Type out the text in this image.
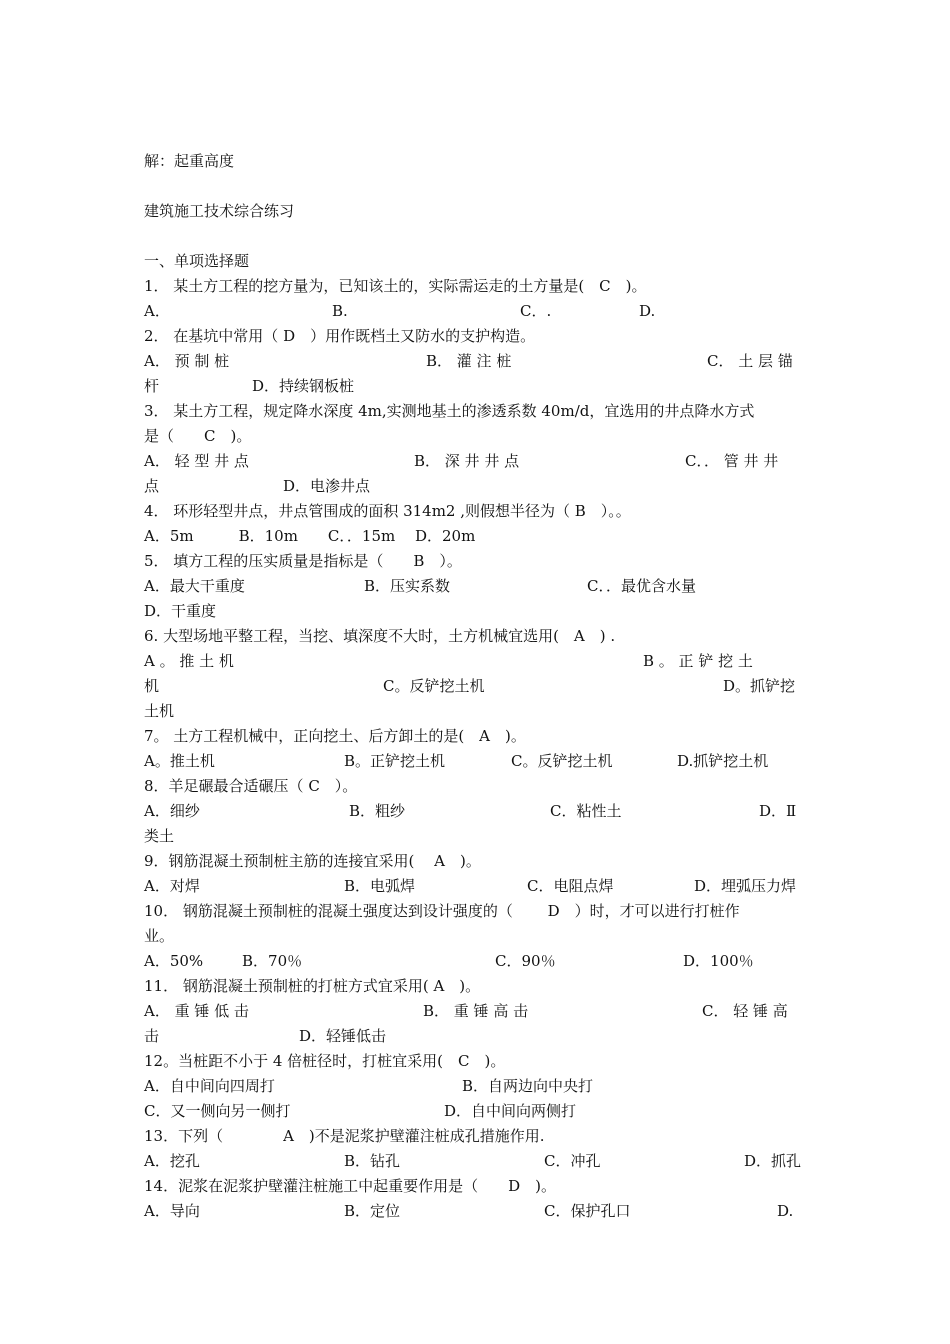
解：起重高度
建筑施工技术综合练习
一、单项选择题
1． 某土方工程的挖方量为，已知该土的，实际需运走的土方量是(　C　)。
A．	B.	C．.	D.
2． 在基坑中常用（ D　）用作既档土又防水的支护构造。
A． 预 制 桩	B． 灌 注 桩	C． 土 层 锚
杆	D．持续钢板桩
3． 某土方工程，规定降水深度 4m,实测地基土的渗透系数 40m/d，宜选用的井点降水方式
是（　　C　)。
A． 轻 型 井 点	B． 深 井 井 点	C．． 管 井 井
点	D．电渗井点
4． 环形轻型井点，井点管围成的面积 314m2 ,则假想半径为（ B　）。。
A．5m　　　B．10m　　C．．15m　 D．20m
5． 填方工程的压实质量是指标是（　　B　）。
A．最大干重度	B．压实系数	C．．最优含水量
D．干重度
6. 大型场地平整工程，当挖、填深度不大时，土方机械宜选用(　A　) .
A 。 推 土 机	B 。 正 铲 挖 土
机	C。反铲挖土机	D。抓铲挖
土机
7。 土方工程机械中，正向挖土、后方卸土的是(　A　)。
A。推土机	B。正铲挖土机	C。反铲挖土机	D.抓铲挖土机
8．羊足碾最合适碾压（ C　）。
A．细纱	B．粗纱	C．粘性土	D．Ⅱ
类土
9．钢筋混凝土预制桩主筋的连接宜采用(　 A　)。
A．对焊	B．电弧焊	C．电阻点焊	D．埋弧压力焊
10． 钢筋混凝土预制桩的混凝土强度达到设计强度的（　　 D　）时，才可以进行打桩作
业。
A．50%	B．70％	C．90％	D．100％
11． 钢筋混凝土预制桩的打桩方式宜采用( A　)。
A． 重 锤 低 击	B． 重 锤 高 击	C． 轻 锤 高
击	D．轻锤低击
12。当桩距不小于 4 倍桩径时，打桩宜采用(　C　)。
A．自中间向四周打	B．自两边向中央打
C．又一侧向另一侧打	D．自中间向两侧打
13．下列（　　　　A　)不是泥浆护壁灌注桩成孔措施作用.
A．挖孔	B．钻孔	C．冲孔	D．抓孔
14．泥浆在泥浆护壁灌注桩施工中起重要作用是（　　D　)。
A．导向	B．定位	C．保护孔口	D.
